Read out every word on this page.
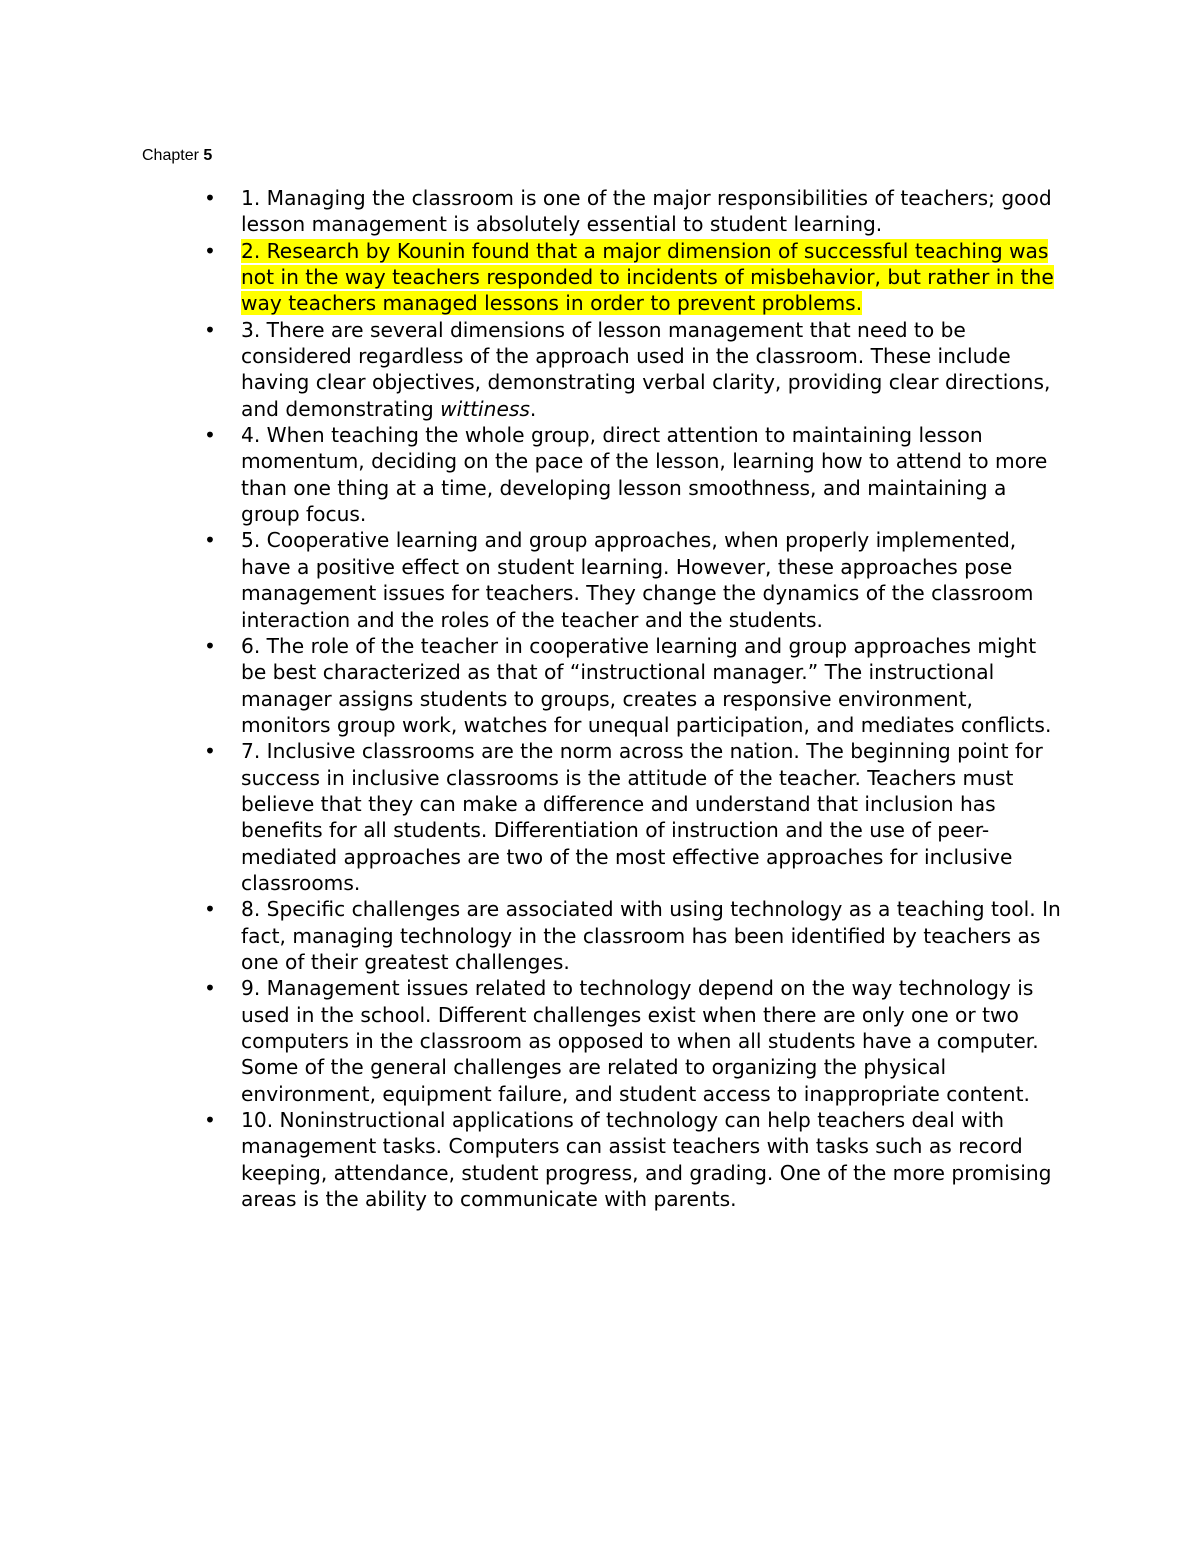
Chapter 5
• 1. Managing the classroom is one of the major responsibilities of teachers; good lesson management is absolutely essential to student learning.
• 2. Research by Kounin found that a major dimension of successful teaching was not in the way teachers responded to incidents of misbehavior, but rather in the way teachers managed lessons in order to prevent problems.
• 3. There are several dimensions of lesson management that need to be considered regardless of the approach used in the classroom. These include having clear objectives, demonstrating verbal clarity, providing clear directions, and demonstrating wittiness.
• 4. When teaching the whole group, direct attention to maintaining lesson momentum, deciding on the pace of the lesson, learning how to attend to more than one thing at a time, developing lesson smoothness, and maintaining a group focus.
• 5. Cooperative learning and group approaches, when properly implemented, have a positive effect on student learning. However, these approaches pose management issues for teachers. They change the dynamics of the classroom interaction and the roles of the teacher and the students.
• 6. The role of the teacher in cooperative learning and group approaches might be best characterized as that of “instructional manager.” The instructional manager assigns students to groups, creates a responsive environment, monitors group work, watches for unequal participation, and mediates conflicts.
• 7. Inclusive classrooms are the norm across the nation. The beginning point for success in inclusive classrooms is the attitude of the teacher. Teachers must believe that they can make a difference and understand that inclusion has benefits for all students. Differentiation of instruction and the use of peer-mediated approaches are two of the most effective approaches for inclusive classrooms.
• 8. Specific challenges are associated with using technology as a teaching tool. In fact, managing technology in the classroom has been identified by teachers as one of their greatest challenges.
• 9. Management issues related to technology depend on the way technology is used in the school. Different challenges exist when there are only one or two computers in the classroom as opposed to when all students have a computer. Some of the general challenges are related to organizing the physical environment, equipment failure, and student access to inappropriate content.
• 10. Noninstructional applications of technology can help teachers deal with management tasks. Computers can assist teachers with tasks such as record keeping, attendance, student progress, and grading. One of the more promising areas is the ability to communicate with parents.
